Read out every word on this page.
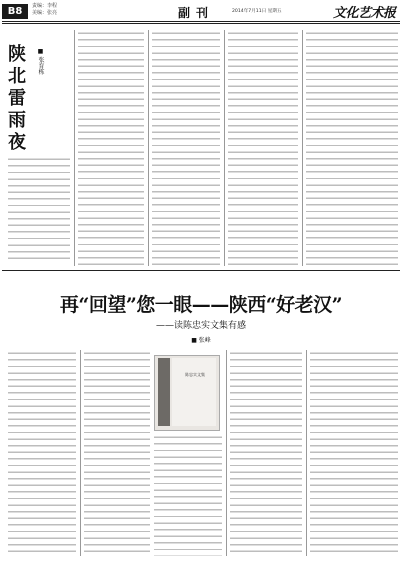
B8	责编：李程
美编：张亮	副刊	2014年7月11日 星期五	文化艺术报
陕
北
雷
雨
夜
■ 张育栋
再“回望”您一眼——陕西“好老汉”
——读陈忠实文集有感
■ 张峰
陈忠实文集
